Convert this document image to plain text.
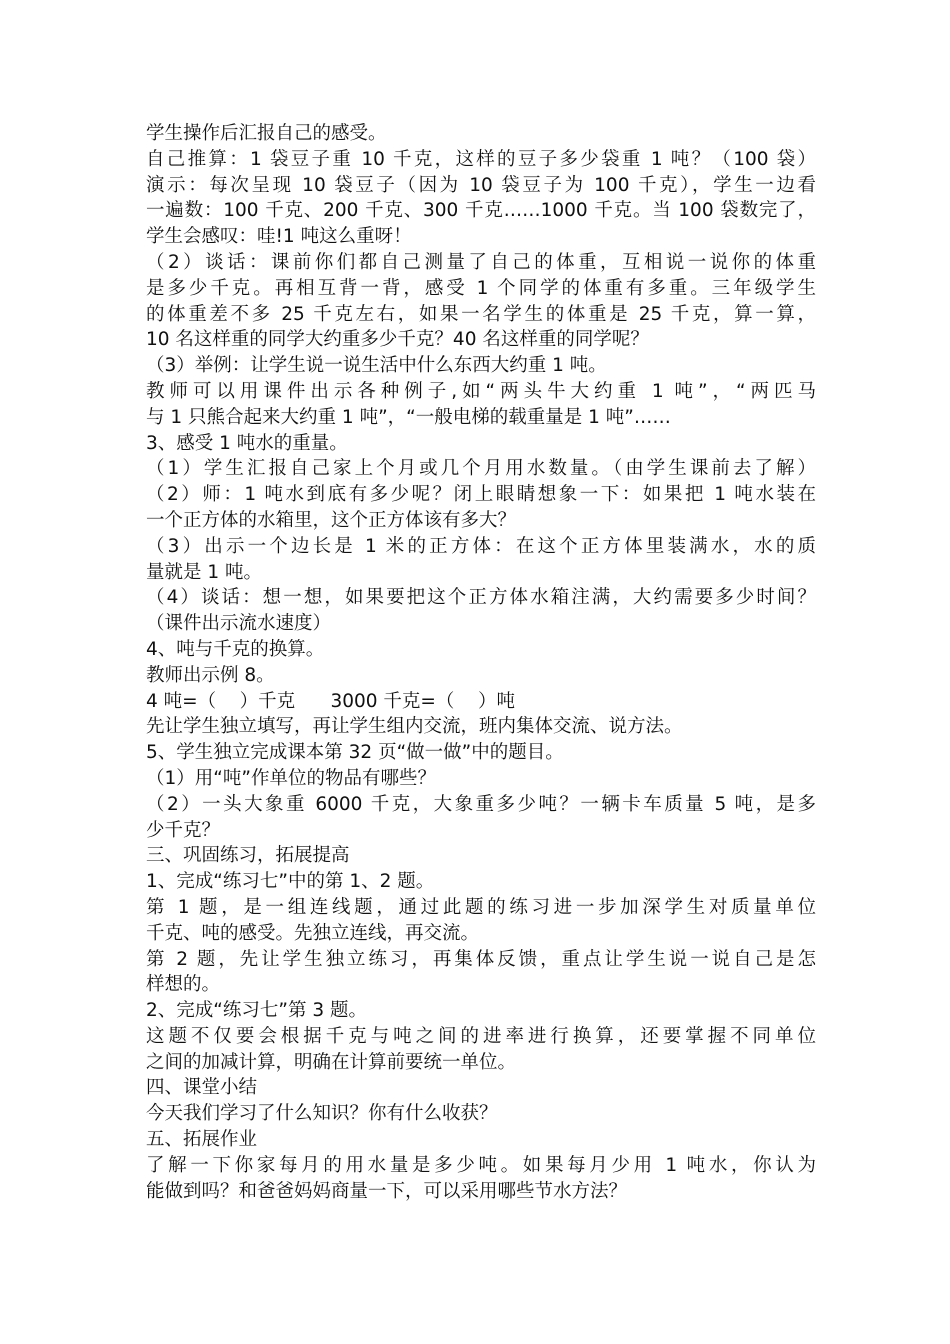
学生操作后汇报自己的感受。
自己推算：1 袋豆子重 10 千克，这样的豆子多少袋重 1 吨？（100 袋）
演示：每次呈现 10 袋豆子（因为 10 袋豆子为 100 千克），学生一边看
一遍数：100 千克、200 千克、300 千克……1000 千克。当 100 袋数完了，
学生会感叹：哇!1 吨这么重呀！
（2）谈话：课前你们都自己测量了自己的体重，互相说一说你的体重
是多少千克。再相互背一背，感受 1 个同学的体重有多重。三年级学生
的体重差不多 25 千克左右，如果一名学生的体重是 25 千克，算一算，
10 名这样重的同学大约重多少千克？40 名这样重的同学呢？
（3）举例：让学生说一说生活中什么东西大约重 1 吨。
教师可以用课件出示各种例子,如“两头牛大约重 1 吨”，“两匹马
与 1 只熊合起来大约重 1 吨”，“一般电梯的载重量是 1 吨”……
3、感受 1 吨水的重量。
（1）学生汇报自己家上个月或几个月用水数量。（由学生课前去了解）
（2）师：1 吨水到底有多少呢？闭上眼睛想象一下：如果把 1 吨水装在
一个正方体的水箱里，这个正方体该有多大？
（3）出示一个边长是 1 米的正方体：在这个正方体里装满水，水的质
量就是 1 吨。
（4）谈话：想一想，如果要把这个正方体水箱注满，大约需要多少时间？
（课件出示流水速度）
4、吨与千克的换算。
教师出示例 8。
4 吨=（    ）千克      3000 千克=（    ）吨
先让学生独立填写，再让学生组内交流，班内集体交流、说方法。
5、学生独立完成课本第 32 页“做一做”中的题目。
（1）用“吨”作单位的物品有哪些？
（2）一头大象重 6000 千克，大象重多少吨？一辆卡车质量 5 吨，是多
少千克？
三、巩固练习，拓展提高
1、完成“练习七”中的第 1、2 题。
第 1 题，是一组连线题，通过此题的练习进一步加深学生对质量单位
千克、吨的感受。先独立连线，再交流。
第 2 题，先让学生独立练习，再集体反馈，重点让学生说一说自己是怎
样想的。
2、完成“练习七”第 3 题。
这题不仅要会根据千克与吨之间的进率进行换算，还要掌握不同单位
之间的加减计算，明确在计算前要统一单位。
四、课堂小结
今天我们学习了什么知识？你有什么收获？
五、拓展作业
了解一下你家每月的用水量是多少吨。如果每月少用 1 吨水，你认为
能做到吗？和爸爸妈妈商量一下，可以采用哪些节水方法？
